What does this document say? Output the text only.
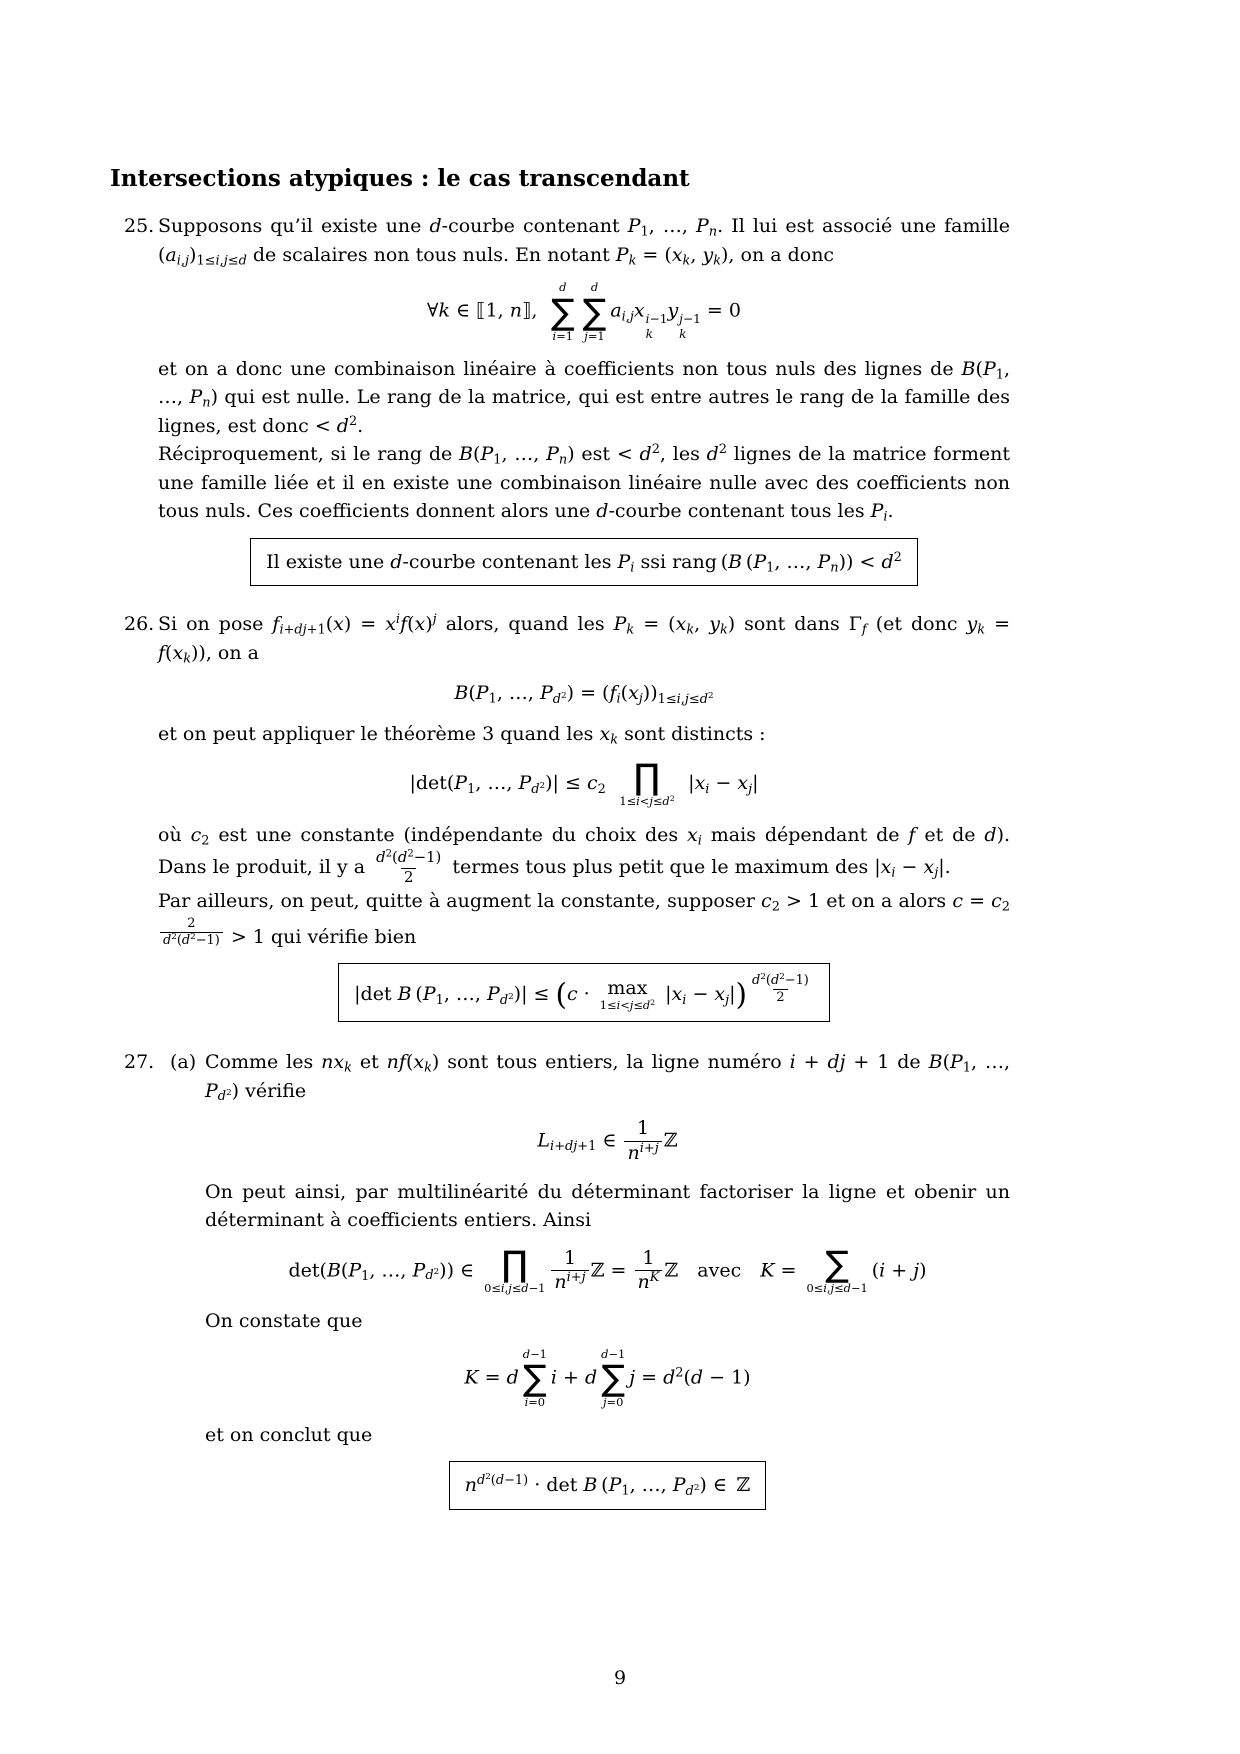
Intersections atypiques : le cas transcendant
25. Supposons qu’il existe une d-courbe contenant $P_1$, …, $P_n$. Il lui est associé une famille $(a_{i,j})_{1\le i,j\le d}$ de scalaires non tous nuls. En notant $P_k = (x_k$, $y_k$), on a donc

∀k ∈ ⟦1, n⟧, 
d
∑
i=1
d
∑
j=1
$a_{i,j}x$ i−1
k
y j−1
k
= 0

et on a donc une combinaison linéaire à coefficients non tous nuls des lignes de $B(P_1$, …, $P_n$) qui est nulle. Le rang de la matrice, qui est entre autres le rang de la famille des lignes, est donc < $d^2$.

Réciproquement, si le rang de $B(P_1$, …, $P_n$) est < $d^2$, les $d^2$ lignes de la matrice forment une famille liée et il en existe une combinaison linéaire nulle avec des coefficients non tous nuls. Ces coefficients donnent alors une d-courbe contenant tous les $P_i$.

Il existe une d-courbe contenant les $P_i$ ssi rang (B ($P_1$, …, $P_n)) < d^2$
26. Si on pose $f_{i+dj+1}(x) = x^if(x)^j$ alors, quand les $P_k = (x_k$, $y_k$) sont dans $\Gamma_f$ (et donc $y_k = f(x_k)$), on a

$B(P_1$, …, $P_{d^2}) = (f_i(x_j))_{1\le i,j\le d^2}$

et on peut appliquer le théorème 3 quand les $x_k$ sont distincts :

$|\det(P_1$, …, $P_{d^2})| \le c_2$  ∏
$1\le i<j\le d^2$
 $|x_i - x_j|$

où $c_2$ est une constante (indépendante du choix des $x_i$ mais dépendant de f et de d). Dans le produit, il y a $\frac{d^2(d^2-1)}{2}$ termes tous plus petit que le maximum des $|x_i - x_j|$.

Par ailleurs, on peut, quitte à augment la constante, supposer $c_2 > 1$ et on a alors $c = c_2$
$^{\frac{2}{d^2(d^2-1)}}$ > 1 qui vérifie bien

|det B ($P_1$, …, $P_{d^2})| \le (c \cdot \max$
$1\le i<j\le d^2$ $|x_i - x_j|$) $^{\frac{d^2(d^2-1)}{2}}$
27. (a) Comme les $nx_k$ et $nf(x_k)$ sont tous entiers, la ligne numéro i + dj + 1 de $B(P_1$, …, $P_{d^2}$) vérifie

$L_{i+dj+1}$ ∈ $\frac{1}{n^{i+j}}$ ℤ

On peut ainsi, par multilinéarité du déterminant factoriser la ligne et obenir un déterminant à coefficients entiers. Ainsi

$\det(B(P_1$, …, $P_{d^2}$)) ∈ ∏
$0\le i,j\le d-1 \frac{1}{n^{i+j}}$ ℤ = $\frac{1}{n^K}$ ℤ avec K = ∑
0≤i,j≤d−1
(i + j)

On constate que

K = d
d−1
∑
i=0
i + d
d−1
∑
j=0
$j = d^2(d - 1)$

et on conclut que

$n^{d^2(d-1)} \cdot \det B$ ($P_1$, …, $P_{d^2}$) ∈ ℤ
9
